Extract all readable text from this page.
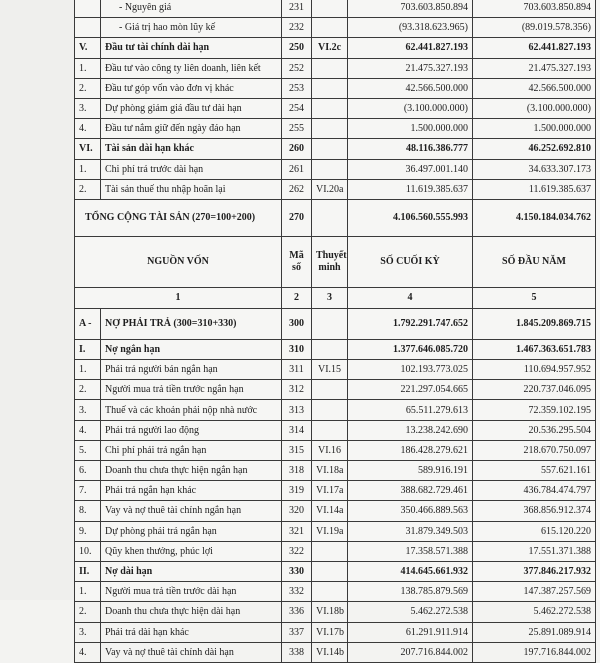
	- Nguyên giá	231		703.603.850.894	703.603.850.894
	- Giá trị hao mòn lũy kế	232		(93.318.623.965)	(89.019.578.356)
V.	Đầu tư tài chính dài hạn	250	VI.2c	62.441.827.193	62.441.827.193
1.	Đầu tư vào công ty liên doanh, liên kết	252		21.475.327.193	21.475.327.193
2.	Đầu tư góp vốn vào đơn vị khác	253		42.566.500.000	42.566.500.000
3.	Dự phòng giảm giá đầu tư dài hạn	254		(3.100.000.000)	(3.100.000.000)
4.	Đầu tư nắm giữ đến ngày đáo hạn	255		1.500.000.000	1.500.000.000
VI.	Tài sản dài hạn khác	260		48.116.386.777	46.252.692.810
1.	Chi phí trả trước dài hạn	261		36.497.001.140	34.633.307.173
2.	Tài sản thuế thu nhập hoãn lại	262	VI.20a	11.619.385.637	11.619.385.637
TỔNG CỘNG TÀI SẢN (270=100+200)		270		4.106.560.555.993	4.150.184.034.762
NGUỒN VỐN		Mã số	Thuyết minh	SỐ CUỐI KỲ	SỐ ĐẦU NĂM
1		2	3	4	5
A -	NỢ PHẢI TRẢ (300=310+330)	300		1.792.291.747.652	1.845.209.869.715
I.	Nợ ngắn hạn	310		1.377.646.085.720	1.467.363.651.783
1.	Phải trả người bán ngắn hạn	311	VI.15	102.193.773.025	110.694.957.952
2.	Người mua trả tiền trước ngắn hạn	312		221.297.054.665	220.737.046.095
3.	Thuế và các khoản phải nộp nhà nước	313		65.511.279.613	72.359.102.195
4.	Phải trả người lao động	314		13.238.242.690	20.536.295.504
5.	Chi phí phải trả ngắn hạn	315	VI.16	186.428.279.621	218.670.750.097
6.	Doanh thu chưa thực hiện ngắn hạn	318	VI.18a	589.916.191	557.621.161
7.	Phải trả ngắn hạn khác	319	VI.17a	388.682.729.461	436.784.474.797
8.	Vay và nợ thuê tài chính ngắn hạn	320	VI.14a	350.466.889.563	368.856.912.374
9.	Dự phòng phải trả ngắn hạn	321	VI.19a	31.879.349.503	615.120.220
10.	Qũy khen thưởng, phúc lợi	322		17.358.571.388	17.551.371.388
II.	Nợ dài hạn	330		414.645.661.932	377.846.217.932
1.	Người mua trả tiền trước dài hạn	332		138.785.879.569	147.387.257.569
2.	Doanh thu chưa thực hiện dài hạn	336	VI.18b	5.462.272.538	5.462.272.538
3.	Phải trả dài hạn khác	337	VI.17b	61.291.911.914	25.891.089.914
4.	Vay và nợ thuê tài chính dài hạn	338	VI.14b	207.716.844.002	197.716.844.002
